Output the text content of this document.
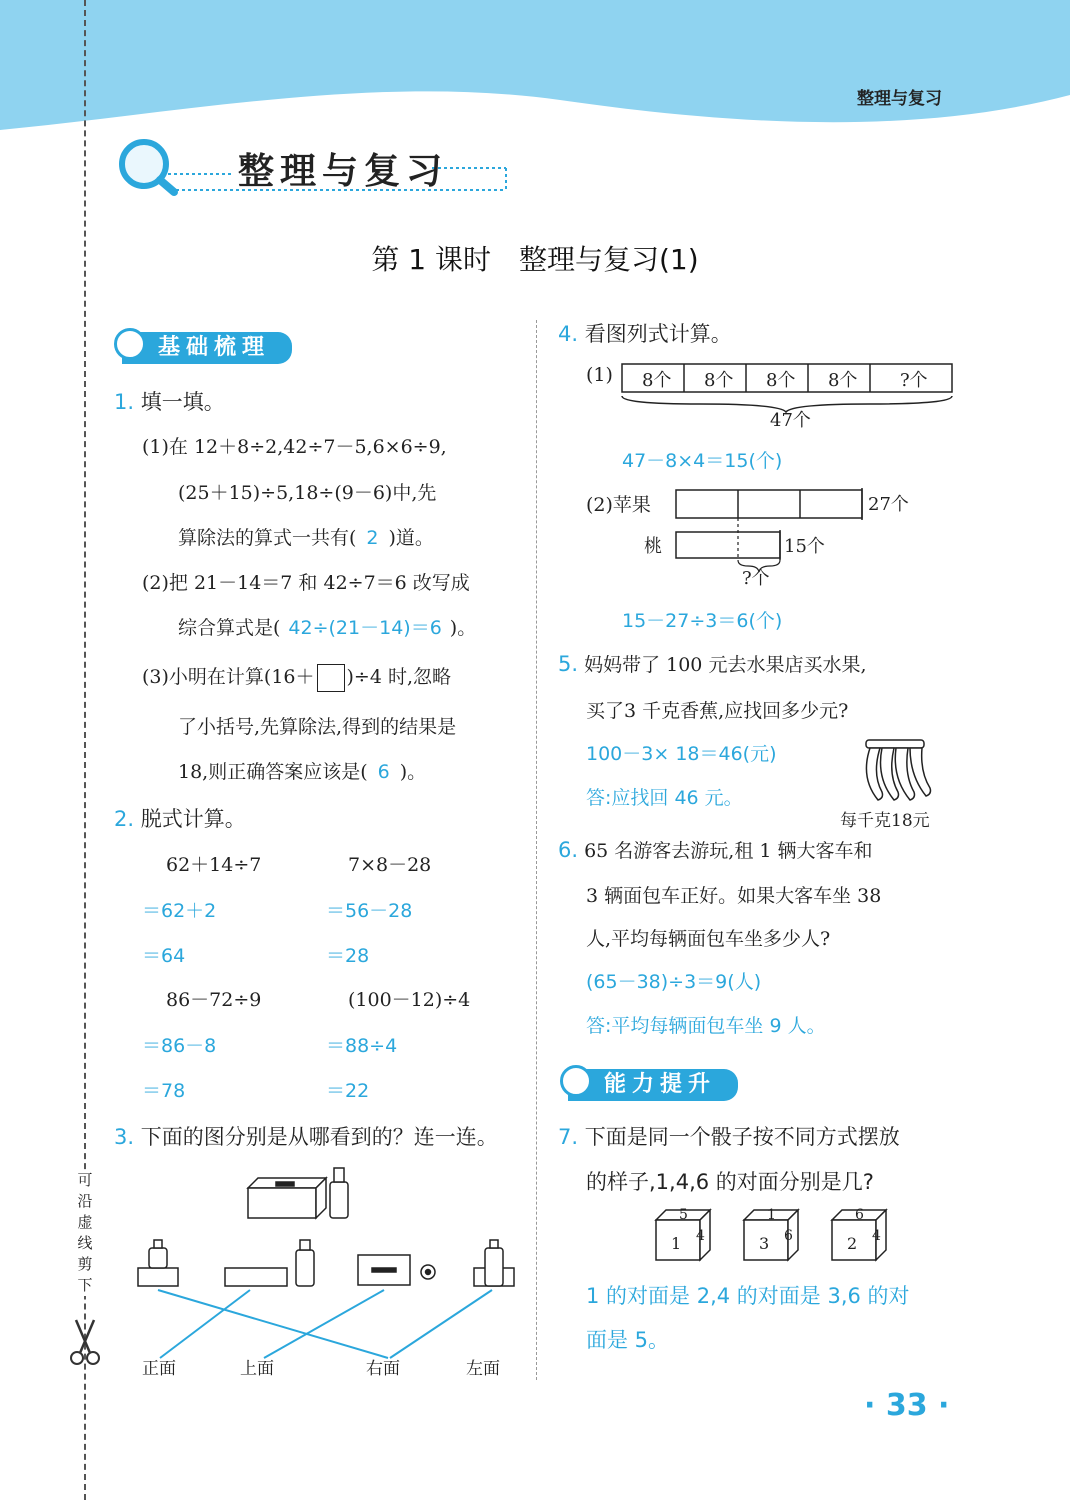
整理与复习
可沿虚线剪下
整理与复习
第 1 课时　整理与复习(1)
基础梳理
1. 填一填。
(1)在 12＋8÷2,42÷7－5,6×6÷9,
(25＋15)÷5,18÷(9－6)中,先
算除法的算式一共有( 2 )道。
(2)把 21－14＝7 和 42÷7＝6 改写成
综合算式是( 42÷(21－14)＝6 )。
(3)小明在计算(16＋ )÷4 时,忽略
了小括号,先算除法,得到的结果是
18,则正确答案应该是( 6 )。
2. 脱式计算。
62＋14÷7
＝62＋2
＝64
7×8－28
＝56－28
＝28
86－72÷9
＝86－8
＝78
(100－12)÷4
＝88÷4
＝22
3. 下面的图分别是从哪看到的？连一连。
正面	上面	右面	左面
4. 看图列式计算。
(1) 8个 8个 8个 8个 ?个
47个
47－8×4＝15(个)
(2)苹果	27个
桃	15个
?个
15－27÷3＝6(个)
5. 妈妈带了 100 元去水果店买水果,
买了3 千克香蕉,应找回多少元?
100－3× 18＝46(元)
答:应找回 46 元。
每千克18元
6. 65 名游客去游玩,租 1 辆大客车和
3 辆面包车正好。如果大客车坐 38
人,平均每辆面包车坐多少人?
(65－38)÷3＝9(人)
答:平均每辆面包车坐 9 人。
能力提升
7. 下面是同一个骰子按不同方式摆放
的样子,1,4,6 的对面分别是几?
5
1 4
1
3 6
6
2 4
1 的对面是 2,4 的对面是 3,6 的对
面是 5。
· 33 ·
